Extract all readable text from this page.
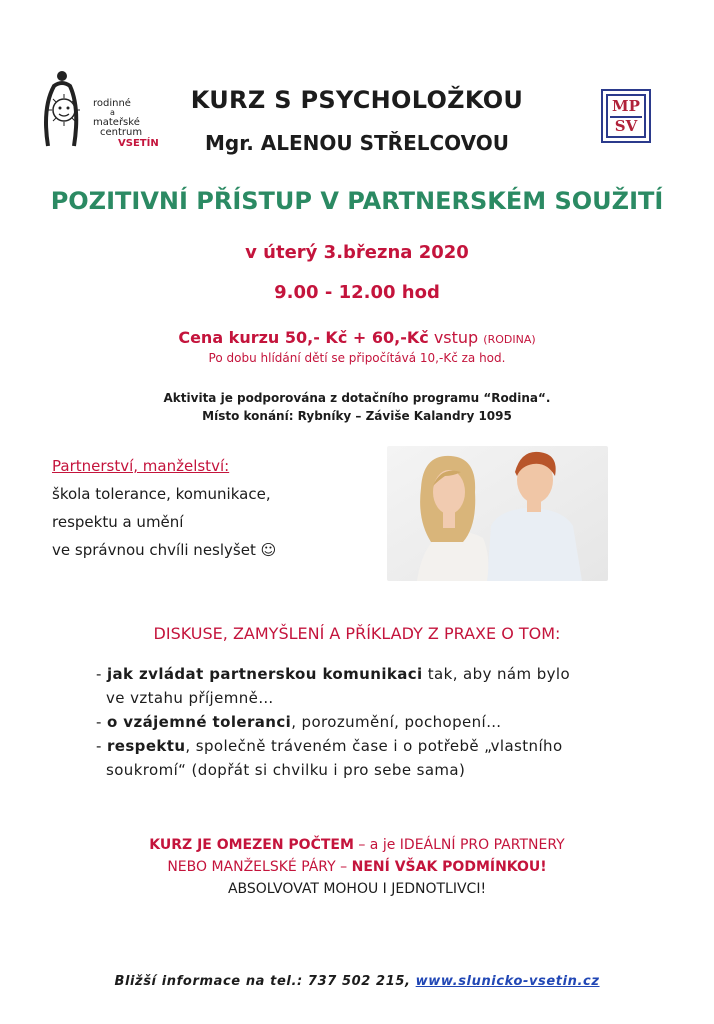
rodinné
a
mateřské
centrum
VSETÍN
MP
SV
KURZ S PSYCHOLOŽKOU
Mgr. ALENOU STŘELCOVOU
POZITIVNÍ PŘÍSTUP V PARTNERSKÉM SOUŽITÍ
v úterý 3.března 2020
9.00 - 12.00 hod
Cena kurzu 50,- Kč + 60,-Kč vstup (RODINA)
Po dobu hlídání dětí se připočítává 10,-Kč za hod.
Aktivita je podporována z dotačního programu “Rodina“.
Místo konání: Rybníky – Záviše Kalandry 1095
Partnerství, manželství:
škola tolerance, komunikace,
respektu a umění
ve správnou chvíli neslyšet ☺
DISKUSE, ZAMYŠLENÍ A PŘÍKLADY Z PRAXE O TOM:
- jak zvládat partnerskou komunikaci tak, aby nám bylo
ve vztahu příjemně…
- o vzájemné toleranci, porozumění, pochopení…
- respektu, společně tráveném čase i o potřebě „vlastního
soukromí“ (dopřát si chvilku i pro sebe sama)
KURZ JE OMEZEN POČTEM – a je IDEÁLNÍ PRO PARTNERY
NEBO MANŽELSKÉ PÁRY – NENÍ VŠAK PODMÍNKOU!
ABSOLVOVAT MOHOU I JEDNOTLIVCI!
Bližší informace na tel.: 737 502 215, www.slunicko-vsetin.cz
